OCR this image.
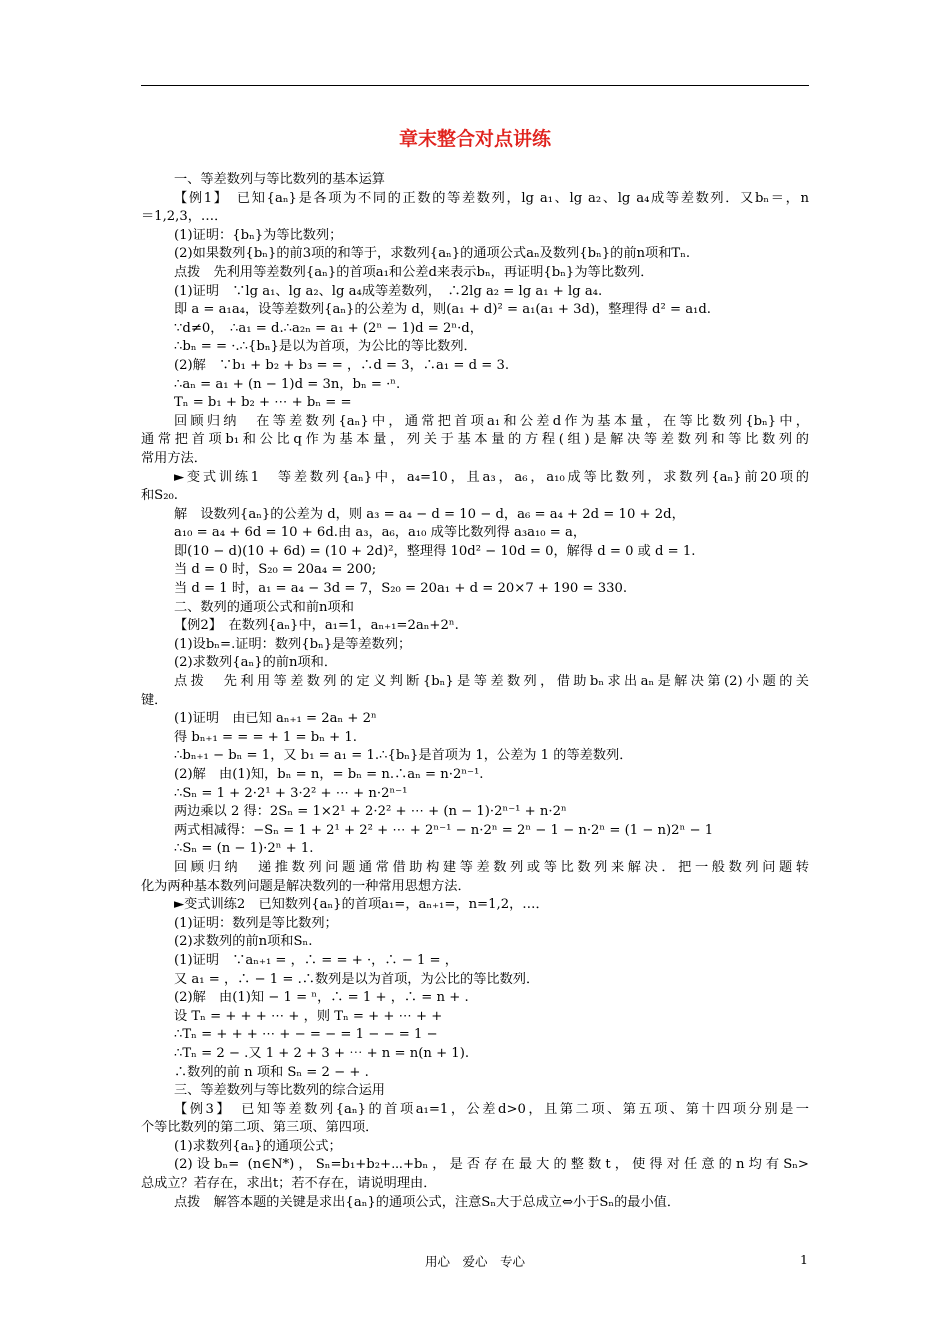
章末整合对点讲练
一、等差数列与等比数列的基本运算
【例1】　已知{aₙ}是各项为不同的正数的等差数列，lg a₁、lg a₂、lg a₄成等差数列．又bₙ＝，n
＝1,2,3，…．
(1)证明：{bₙ}为等比数列；
(2)如果数列{bₙ}的前3项的和等于，求数列{aₙ}的通项公式aₙ及数列{bₙ}的前n项和Tₙ.
点拨　先利用等差数列{aₙ}的首项a₁和公差d来表示bₙ，再证明{bₙ}为等比数列．
(1)证明　∵lg a₁、lg a₂、lg a₄成等差数列，　∴2lg a₂ = lg a₁ + lg a₄.
即 a = a₁a₄，设等差数列{aₙ}的公差为 d，则(a₁ + d)² = a₁(a₁ + 3d)，整理得 d² = a₁d.
∵d≠0，　∴a₁ = d.∴a₂ₙ = a₁ + (2ⁿ − 1)d = 2ⁿ·d，
∴bₙ = = ·.∴{bₙ}是以为首项，为公比的等比数列．
(2)解　∵b₁ + b₂ + b₃ = = ，∴d = 3，∴a₁ = d = 3.
∴aₙ = a₁ + (n − 1)d = 3n，bₙ = ·ⁿ.
Tₙ = b₁ + b₂ + ⋯ + bₙ = =
回顾归纳　在等差数列{aₙ}中，通常把首项a₁和公差d作为基本量，在等比数列{bₙ}中，
通常把首项b₁和公比q作为基本量，列关于基本量的方程(组)是解决等差数列和等比数列的
常用方法．
►变式训练1　等差数列{aₙ}中，a₄=10，且a₃，a₆，a₁₀成等比数列，求数列{aₙ}前20项的
和S₂₀.
解　设数列{aₙ}的公差为 d，则 a₃ = a₄ − d = 10 − d，a₆ = a₄ + 2d = 10 + 2d，
a₁₀ = a₄ + 6d = 10 + 6d.由 a₃，a₆，a₁₀ 成等比数列得 a₃a₁₀ = a，
即(10 − d)(10 + 6d) = (10 + 2d)²，整理得 10d² − 10d = 0，解得 d = 0 或 d = 1.
当 d = 0 时，S₂₀ = 20a₄ = 200;
当 d = 1 时，a₁ = a₄ − 3d = 7，S₂₀ = 20a₁ + d = 20×7 + 190 = 330.
二、数列的通项公式和前n项和
【例2】　在数列{aₙ}中，a₁=1，aₙ₊₁=2aₙ+2ⁿ.
(1)设bₙ=.证明：数列{bₙ}是等差数列；
(2)求数列{aₙ}的前n项和．
点拨　先利用等差数列的定义判断{bₙ}是等差数列，借助bₙ求出aₙ是解决第(2)小题的关
键．
(1)证明　由已知 aₙ₊₁ = 2aₙ + 2ⁿ
得 bₙ₊₁ = = = + 1 = bₙ + 1.
∴bₙ₊₁ − bₙ = 1，又 b₁ = a₁ = 1.∴{bₙ}是首项为 1，公差为 1 的等差数列．
(2)解　由(1)知，bₙ = n，= bₙ = n.∴aₙ = n·2ⁿ⁻¹.
∴Sₙ = 1 + 2·2¹ + 3·2² + ⋯ + n·2ⁿ⁻¹
两边乘以 2 得：2Sₙ = 1×2¹ + 2·2² + ⋯ + (n − 1)·2ⁿ⁻¹ + n·2ⁿ
两式相减得：−Sₙ = 1 + 2¹ + 2² + ⋯ + 2ⁿ⁻¹ − n·2ⁿ = 2ⁿ − 1 − n·2ⁿ = (1 − n)2ⁿ − 1
∴Sₙ = (n − 1)·2ⁿ + 1.
回顾归纳　递推数列问题通常借助构建等差数列或等比数列来解决．把一般数列问题转
化为两种基本数列问题是解决数列的一种常用思想方法．
►变式训练2　已知数列{aₙ}的首项a₁=，aₙ₊₁=，n=1,2，…．
(1)证明：数列是等比数列；
(2)求数列的前n项和Sₙ.
(1)证明　∵aₙ₊₁ = ，∴ = = + ·，∴ − 1 = ，
又 a₁ = ，∴ − 1 = .∴数列是以为首项，为公比的等比数列．
(2)解　由(1)知 − 1 = ⁿ，∴ = 1 + ，∴ = n + .
设 Tₙ = + + + ⋯ + ，则 Tₙ = + + ⋯ + +
∴Tₙ = + + + ⋯ + − = − = 1 − − = 1 −
∴Tₙ = 2 − .又 1 + 2 + 3 + ⋯ + n = n(n + 1).
∴数列的前 n 项和 Sₙ = 2 − + .
三、等差数列与等比数列的综合运用
【例3】　已知等差数列{aₙ}的首项a₁=1，公差d>0，且第二项、第五项、第十四项分别是一
个等比数列的第二项、第三项、第四项．
(1)求数列{aₙ}的通项公式；
(2)设bₙ= (n∈N*)，Sₙ=b₁+b₂+⋯+bₙ，是否存在最大的整数t，使得对任意的n均有Sₙ>
总成立？若存在，求出t；若不存在，请说明理由．
点拨　解答本题的关键是求出{aₙ}的通项公式，注意Sₙ大于总成立⇔小于Sₙ的最小值．
用心　爱心　专心	1
